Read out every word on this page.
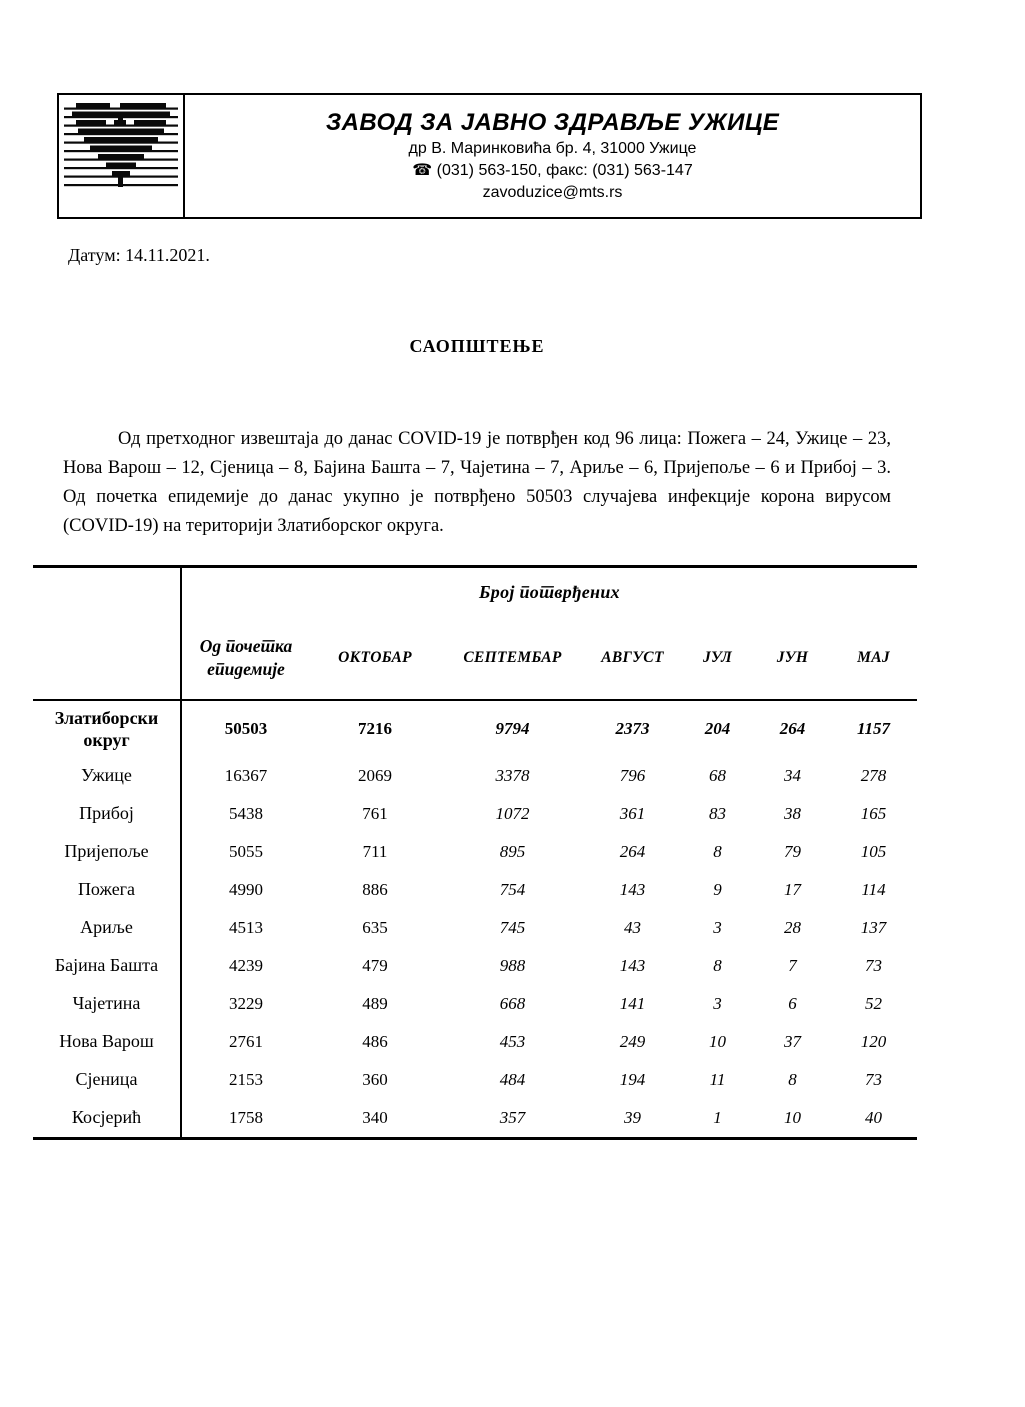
ЗАВОД ЗА ЈАВНО ЗДРАВЉЕ УЖИЦЕ
др В. Маринковића бр. 4, 31000 Ужице
☎ (031) 563-150, факс: (031) 563-147
zavoduzice@mts.rs
Датум: 14.11.2021.
САОПШТЕЊЕ

Од претходног извештаја до данас COVID-19 је потврђен код 96 лица: Пожега – 24, Ужице – 23, Нова Варош – 12, Сјеница – 8, Бајина Башта – 7, Чајетина – 7, Ариље – 6, Пријепоље – 6 и Прибој – 3. Од почетка епидемије до данас укупно је потврђено 50503 случајева инфекције корона вирусом (COVID-19) на територији Златиборског округа.

	Број потврђених						
	Од почетка епидемије	ОКТОБАР	СЕПТЕМБАР	АВГУСТ	ЈУЛ	ЈУН	МАЈ
Златиборски округ	50503	7216	9794	2373	204	264	1157
Ужице	16367	2069	3378	796	68	34	278
Прибој	5438	761	1072	361	83	38	165
Пријепоље	5055	711	895	264	8	79	105
Пожега	4990	886	754	143	9	17	114
Ариље	4513	635	745	43	3	28	137
Бајина Башта	4239	479	988	143	8	7	73
Чајетина	3229	489	668	141	3	6	52
Нова Варош	2761	486	453	249	10	37	120
Сјеница	2153	360	484	194	11	8	73
Косјерић	1758	340	357	39	1	10	40
